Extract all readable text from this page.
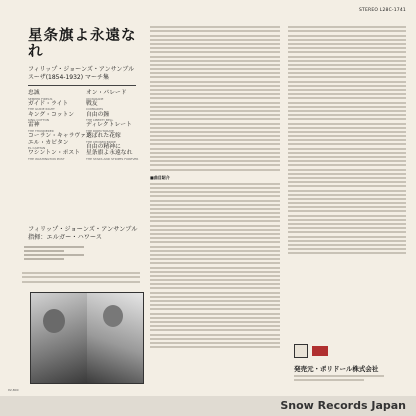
STEREO L28C-1741
星条旗よ永遠なれ
フィリップ・ジョーンズ・アンサンブル
スーザ(1854-1932) マーチ集
忠誠
SEMPER FIDELIS
ガイド・ライト
THE GUIDE RIGHT
キング・コットン
KING COTTON
雷神
THE THUNDERER
コーラン・キャラヴァン
エル・カピタン
EL CAPITAN
ワシントン・ポスト
THE WASHINGTON POST
オン・パレード
ON PARADE
戦友
COMRADES
自由の鐘
THE LIBERTY BELL
ディレクトレート
THE DIRECTORATE
選ばれた花嫁
THE CHOSEN BRIDE
自由の精神に
星条旗よ永遠なれ
THE STARS AND STRIPES FOREVER
フィリップ・ジョーンズ・アンサンブル
指揮：エルガー・ハワース
■曲目紹介
発売元・ポリドール株式会社
¥2,800
Snow Records Japan
